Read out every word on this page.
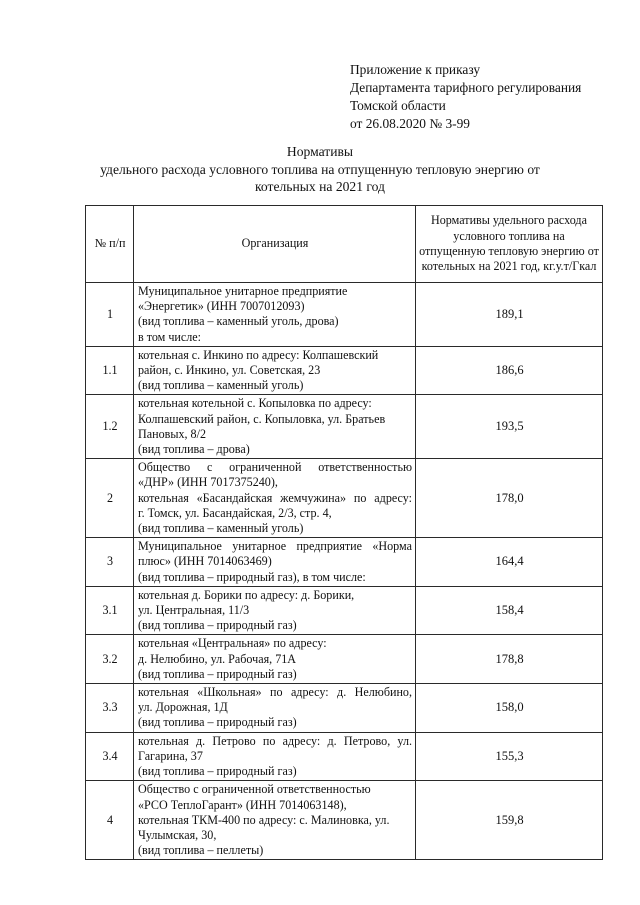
Приложение к приказу
Департамента тарифного регулирования
Томской области
от 26.08.2020 № 3-99
Нормативы
удельного расхода условного топлива на отпущенную тепловую энергию от
котельных на 2021 год
№ п/п	Организация	Нормативы удельного расхода условного топлива на отпущенную тепловую энергию от котельных на 2021 год, кг.у.т/Гкал
1	Муниципальное унитарное предприятие
«Энергетик» (ИНН 7007012093)
(вид топлива – каменный уголь, дрова)
в том числе:	189,1
1.1	котельная с. Инкино по адресу: Колпашевский
район, с. Инкино, ул. Советская, 23
(вид топлива – каменный уголь)	186,6
1.2	котельная котельной с. Копыловка по адресу:
Колпашевский район, с. Копыловка, ул. Братьев
Пановых, 8/2
(вид топлива – дрова)	193,5
2	Общество с ограниченной ответственностью
«ДНР» (ИНН 7017375240),
котельная «Басандайская жемчужина» по адресу:
г. Томск, ул. Басандайская, 2/3, стр. 4,
(вид топлива – каменный уголь)	178,0
3	Муниципальное унитарное предприятие «Норма
плюс» (ИНН 7014063469)
(вид топлива – природный газ), в том числе:	164,4
3.1	котельная д. Борики по адресу: д. Борики,
ул. Центральная, 11/3
(вид топлива – природный газ)	158,4
3.2	котельная «Центральная» по адресу:
д. Нелюбино, ул. Рабочая, 71А
(вид топлива – природный газ)	178,8
3.3	котельная «Школьная» по адресу: д. Нелюбино,
ул. Дорожная, 1Д
(вид топлива – природный газ)	158,0
3.4	котельная д. Петрово по адресу: д. Петрово, ул.
Гагарина, 37
(вид топлива – природный газ)	155,3
4	Общество с ограниченной ответственностью
«РСО ТеплоГарант» (ИНН 7014063148),
котельная ТКМ-400 по адресу: с. Малиновка, ул.
Чулымская, 30,
(вид топлива – пеллеты)	159,8
